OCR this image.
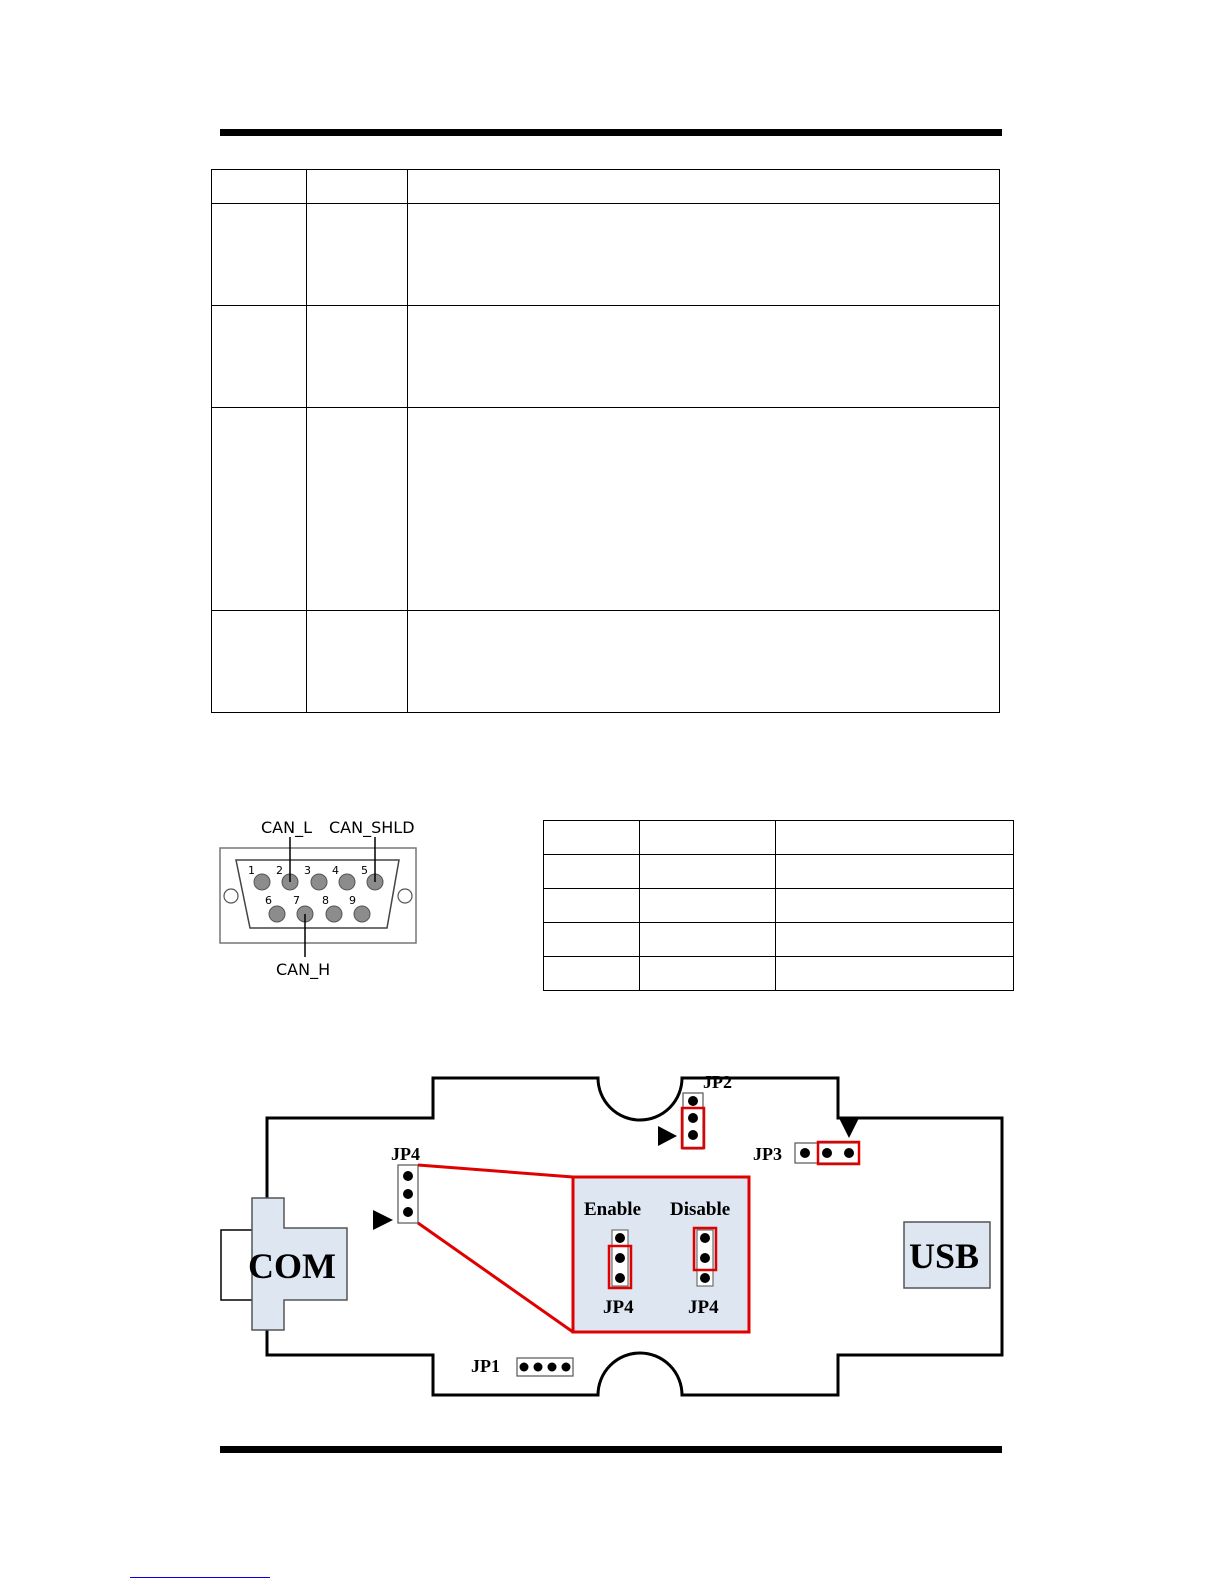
CAN_L CAN_SHLD
1 2 3 4 5
6 7 8 9
CAN_H

COM	USB
JP2
JP3
JP4
Enable Disable
JP4	JP4
JP1
